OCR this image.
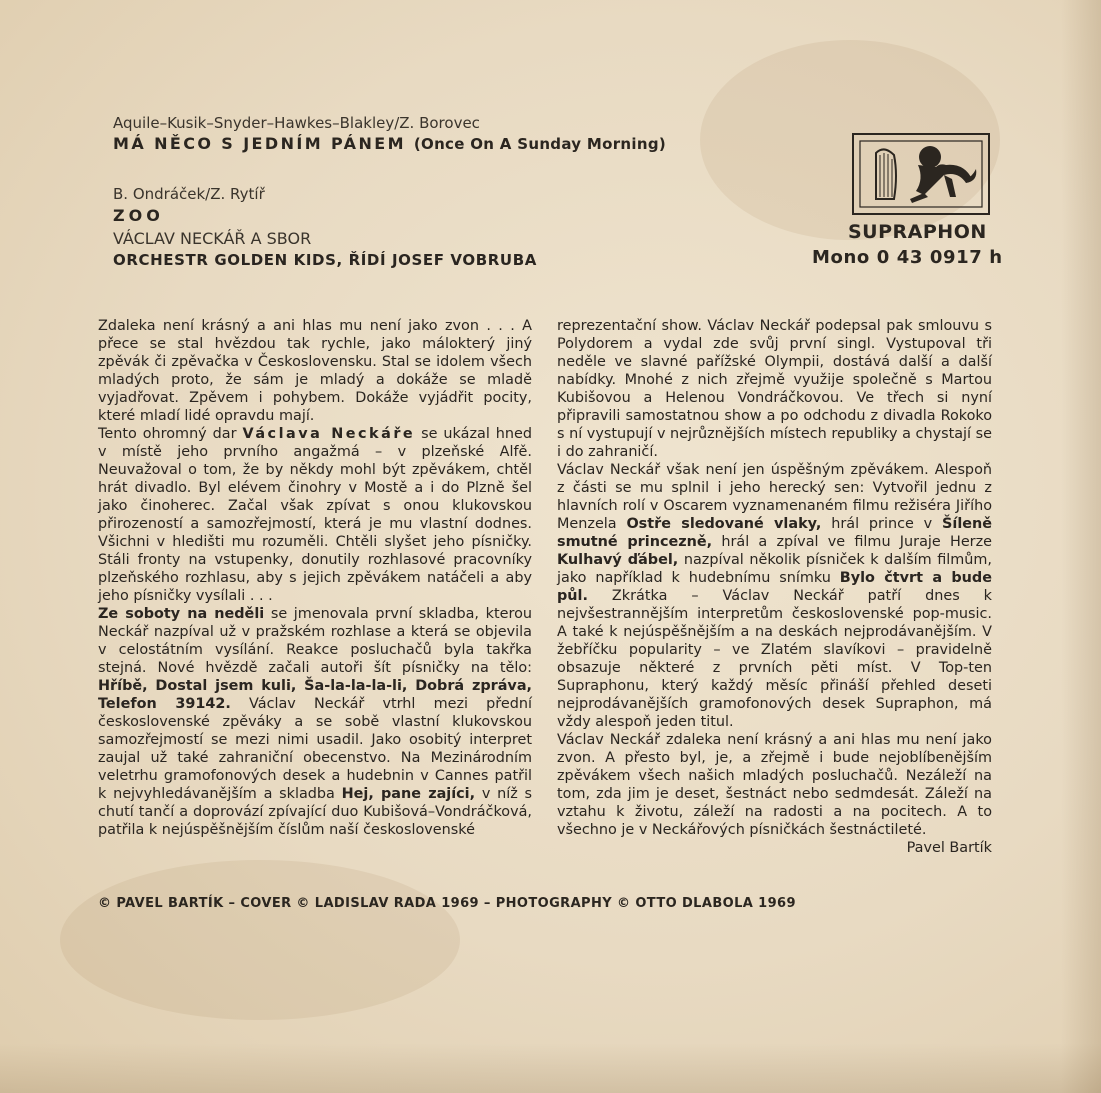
Aquile–Kusik–Snyder–Hawkes–Blakley/Z. Borovec
MÁ NĚCO S JEDNÍM PÁNEM (Once On A Sunday Morning)
B. Ondráček/Z. Rytíř
ZOO
VÁCLAV NECKÁŘ A SBOR
ORCHESTR GOLDEN KIDS, ŘÍDÍ JOSEF VOBRUBA
SUPRAPHON
Mono 0 43 0917 h

Zdaleka není krásný a ani hlas mu není jako zvon . . . A přece se stal hvězdou tak rychle, jako málokterý jiný zpěvák či zpěvačka v Československu. Stal se idolem všech mladých proto, že sám je mladý a dokáže se mladě vyjadřovat. Zpěvem i pohybem. Dokáže vyjádřit pocity, které mladí lidé opravdu mají.

Tento ohromný dar Václava Neckáře se ukázal hned v místě jeho prvního angažmá – v plzeňské Alfě. Neuvažoval o tom, že by někdy mohl být zpěvákem, chtěl hrát divadlo. Byl elévem činohry v Mostě a i do Plzně šel jako činoherec. Začal však zpívat s onou klukovskou přirozeností a samozřejmostí, která je mu vlastní dodnes. Všichni v hledišti mu rozuměli. Chtěli slyšet jeho písničky. Stáli fronty na vstupenky, donutily rozhlasové pracovníky plzeňského rozhlasu, aby s jejich zpěvákem natáčeli a aby jeho písničky vysílali . . .

Ze soboty na neděli se jmenovala první skladba, kterou Neckář nazpíval už v pražském rozhlase a která se objevila v celostátním vysílání. Reakce posluchačů byla takřka stejná. Nové hvězdě začali autoři šít písničky na tělo: Hříbě, Dostal jsem kuli, Ša-la-la-la-li, Dobrá zpráva, Telefon 39142. Václav Neckář vtrhl mezi přední československé zpěváky a se sobě vlastní klukovskou samozřejmostí se mezi nimi usadil. Jako osobitý interpret zaujal už také zahraniční obecenstvo. Na Mezinárodním veletrhu gramofonových desek a hudebnin v Cannes patřil k nejvyhledávanějším a skladba Hej, pane zajíci, v níž s chutí tančí a doprovází zpívající duo Kubišová–Vondráčková, patřila k nejúspěšnějším číslům naší československé

reprezentační show. Václav Neckář podepsal pak smlouvu s Polydorem a vydal zde svůj první singl. Vystupoval tři neděle ve slavné pařížské Olympii, dostává další a další nabídky. Mnohé z nich zřejmě využije společně s Martou Kubišovou a Helenou Vondráčkovou. Ve třech si nyní připravili samostatnou show a po odchodu z divadla Rokoko s ní vystupují v nejrůznějších místech republiky a chystají se i do zahraničí.

Václav Neckář však není jen úspěšným zpěvákem. Alespoň z části se mu splnil i jeho herecký sen: Vytvořil jednu z hlavních rolí v Oscarem vyznamenaném filmu režiséra Jiřího Menzela Ostře sledované vlaky, hrál prince v Šíleně smutné princezně, hrál a zpíval ve filmu Juraje Herze Kulhavý ďábel, nazpíval několik písniček k dalším filmům, jako například k hudebnímu snímku Bylo čtvrt a bude půl. Zkrátka – Václav Neckář patří dnes k nejvšestrannějším interpretům československé pop-music. A také k nejúspěšnějším a na deskách nejprodávanějším. V žebříčku popularity – ve Zlatém slavíkovi – pravidelně obsazuje některé z prvních pěti míst. V Top-ten Supraphonu, který každý měsíc přináší přehled deseti nejprodávanějších gramofonových desek Supraphon, má vždy alespoň jeden titul.

Václav Neckář zdaleka není krásný a ani hlas mu není jako zvon. A přesto byl, je, a zřejmě i bude nejoblíbenějším zpěvákem všech našich mladých posluchačů. Nezáleží na tom, zda jim je deset, šestnáct nebo sedmdesát. Záleží na vztahu k životu, záleží na radosti a na pocitech. A to všechno je v Neckářových písničkách šestnáctileté.

Pavel Bartík
© PAVEL BARTÍK – COVER © LADISLAV RADA 1969 – PHOTOGRAPHY © OTTO DLABOLA 1969
